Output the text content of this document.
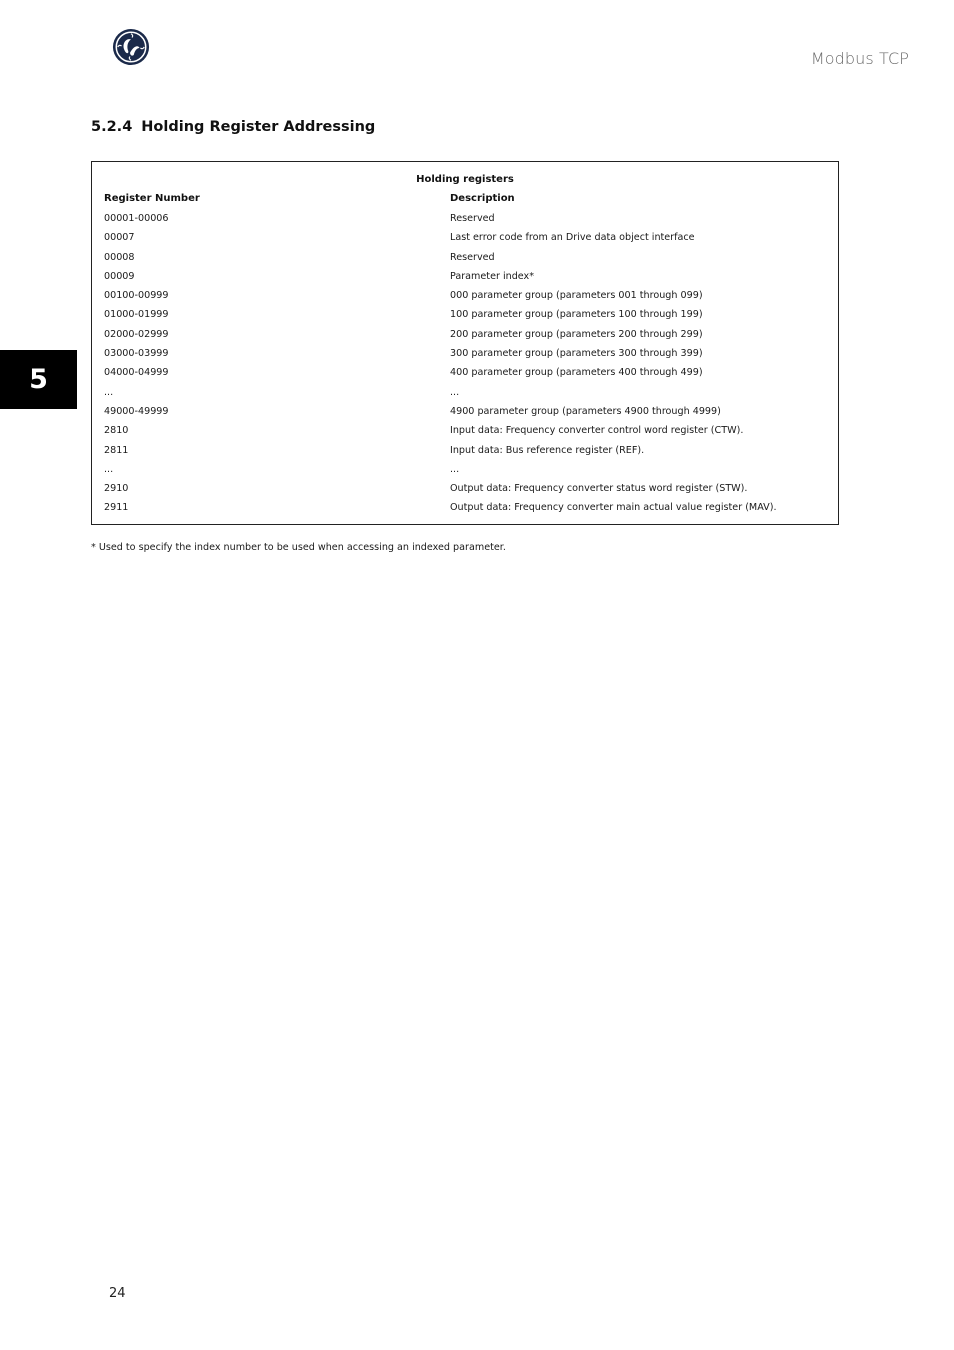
Modbus TCP
5
5.2.4 Holding Register Addressing
Holding registers
Register Number	Description
00001-00006	Reserved
00007	Last error code from an Drive data object interface
00008	Reserved
00009	Parameter index*
00100-00999	000 parameter group (parameters 001 through 099)
01000-01999	100 parameter group (parameters 100 through 199)
02000-02999	200 parameter group (parameters 200 through 299)
03000-03999	300 parameter group (parameters 300 through 399)
04000-04999	400 parameter group (parameters 400 through 499)
...	...
49000-49999	4900 parameter group (parameters 4900 through 4999)
2810	Input data: Frequency converter control word register (CTW).
2811	Input data: Bus reference register (REF).
...	...
2910	Output data: Frequency converter status word register (STW).
2911	Output data: Frequency converter main actual value register (MAV).
* Used to specify the index number to be used when accessing an indexed parameter.
24
